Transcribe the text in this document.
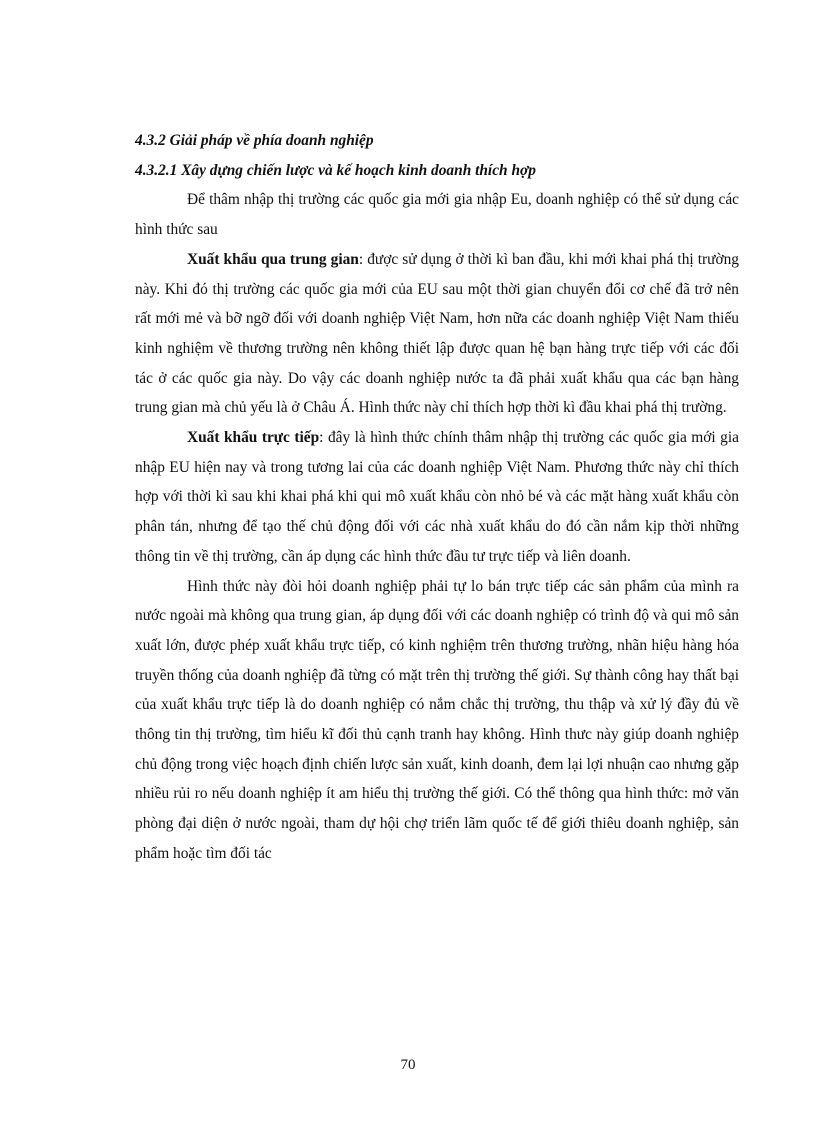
4.3.2 Giải pháp về phía doanh nghiệp

4.3.2.1 Xây dựng chiến lược và kế hoạch kinh doanh thích hợp

Để thâm nhập thị trường các quốc gia mới gia nhập Eu, doanh nghiệp có thể sử dụng các hình thức sau

Xuất khẩu qua trung gian: được sử dụng ở thời kì ban đầu, khi mới khai phá thị trường này. Khi đó thị trường các quốc gia mới của EU sau một thời gian chuyển đổi cơ chế đã trở nên rất mới mẻ và bỡ ngỡ đối với doanh nghiệp Việt Nam, hơn nữa các doanh nghiệp Việt Nam thiếu kinh nghiệm về thương trường nên không thiết lập được quan hệ bạn hàng trực tiếp với các đối tác ở các quốc gia này. Do vậy các doanh nghiệp nước ta đã phải xuất khẩu qua các bạn hàng trung gian mà chủ yếu là ở Châu Á. Hình thức này chỉ thích hợp thời kì đầu khai phá thị trường.

Xuất khẩu trực tiếp: đây là hình thức chính thâm nhập thị trường các quốc gia mới gia nhập EU hiện nay và trong tương lai của các doanh nghiệp Việt Nam. Phương thức này chỉ thích hợp với thời kì sau khi khai phá khi qui mô xuất khẩu còn nhỏ bé và các mặt hàng xuất khẩu còn phân tán, nhưng để tạo thế chủ động đối với các nhà xuất khẩu do đó cần nắm kịp thời những thông tin về thị trường, cần áp dụng các hình thức đầu tư trực tiếp và liên doanh.

Hình thức này đòi hỏi doanh nghiệp phải tự lo bán trực tiếp các sản phẩm của mình ra nước ngoài mà không qua trung gian, áp dụng đối với các doanh nghiệp có trình độ và qui mô sản xuất lớn, được phép xuất khẩu trực tiếp, có kinh nghiệm trên thương trường, nhãn hiệu hàng hóa truyền thống của doanh nghiệp đã từng có mặt trên thị trường thế giới. Sự thành công hay thất bại của xuất khẩu trực tiếp là do doanh nghiệp có nắm chắc thị trường, thu thập và xử lý đầy đủ về thông tin thị trường, tìm hiểu kĩ đối thủ cạnh tranh hay không. Hình thưc này giúp doanh nghiệp chủ động trong việc hoạch định chiến lược sản xuất, kinh doanh, đem lại lợi nhuận cao nhưng gặp nhiều rủi ro nếu doanh nghiệp ít am hiểu thị trường thế giới. Có thể thông qua hình thức: mở văn phòng đại diện ở nước ngoài, tham dự hội chợ triển lãm quốc tế để giới thiêu doanh nghiệp, sản phẩm hoặc tìm đối tác

70
